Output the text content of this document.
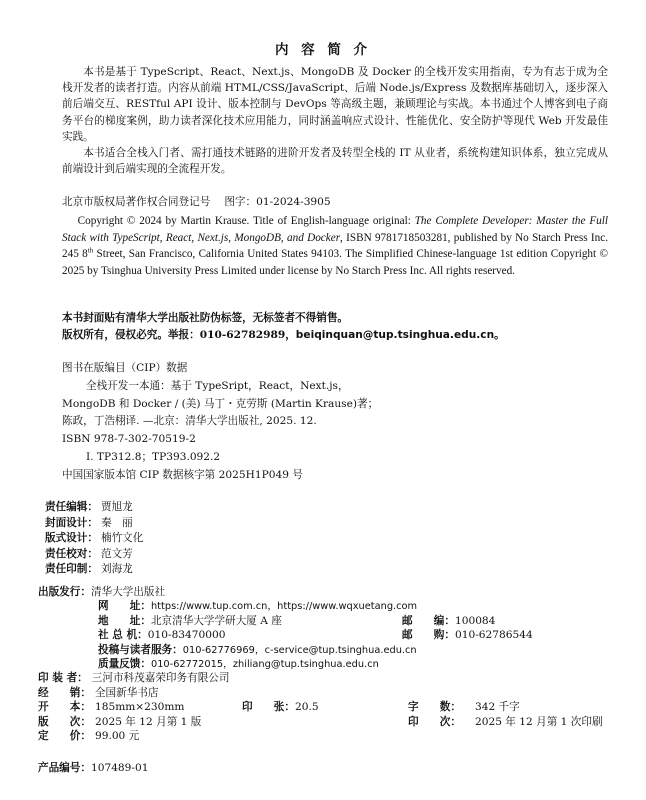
内 容 简 介

本书是基于 TypeScript、React、Next.js、MongoDB 及 Docker 的全栈开发实用指南，专为有志于成为全栈开发者的读者打造。内容从前端 HTML/CSS/JavaScript、后端 Node.js/Express 及数据库基础切入，逐步深入前后端交互、RESTful API 设计、版本控制与 DevOps 等高级主题，兼顾理论与实战。本书通过个人博客到电子商务平台的梯度案例，助力读者深化技术应用能力，同时涵盖响应式设计、性能优化、安全防护等现代 Web 开发最佳实践。

本书适合全栈入门者、需打通技术链路的进阶开发者及转型全栈的 IT 从业者，系统构建知识体系，独立完成从前端设计到后端实现的全流程开发。

北京市版权局著作权合同登记号 图字：01-2024-3905

Copyright © 2024 by Martin Krause. Title of English-language original: The Complete Developer: Master the Full Stack with TypeScript, React, Next.js, MongoDB, and Docker, ISBN 9781718503281, published by No Starch Press Inc. 245 8th Street, San Francisco, California United States 94103. The Simplified Chinese-language 1st edition Copyright © 2025 by Tsinghua University Press Limited under license by No Starch Press Inc. All rights reserved.

本书封面贴有清华大学出版社防伪标签，无标签者不得销售。
版权所有，侵权必究。举报：010-62782989，beiqinquan@tup.tsinghua.edu.cn。
图书在版编目（CIP）数据
全栈开发一本通：基于 TypeSript，React，Next.js，
MongoDB 和 Docker / (美) 马丁・克劳斯 (Martin Krause)著；
陈政，丁浩栩译. —北京：清华大学出版社, 2025. 12.
ISBN 978-7-302-70519-2
Ⅰ. TP312.8；TP393.092.2
中国国家版本馆 CIP 数据核字第 2025H1P049 号
责任编辑： 贾旭龙
封面设计： 秦　丽
版式设计： 楠竹文化
责任校对： 范文芳
责任印制： 刘海龙
出版发行：清华大学出版社
网　　址：https://www.tup.com.cn，https://www.wqxuetang.com
地　　址：北京清华大学学研大厦 A 座	邮　　编：100084
社 总 机：010-83470000	邮　　购：010-62786544
投稿与读者服务：010-62776969，c-service@tup.tsinghua.edu.cn
质量反馈：010-62772015，zhiliang@tup.tsinghua.edu.cn
印 装 者： 三河市科茂嘉荣印务有限公司
经　　销： 全国新华书店
开　　本： 185mm×230mm	印　　张：20.5	字　　数： 342 千字
版　　次： 2025 年 12 月第 1 版	印　　次： 2025 年 12 月第 1 次印刷
定　　价： 99.00 元
产品编号：107489-01
